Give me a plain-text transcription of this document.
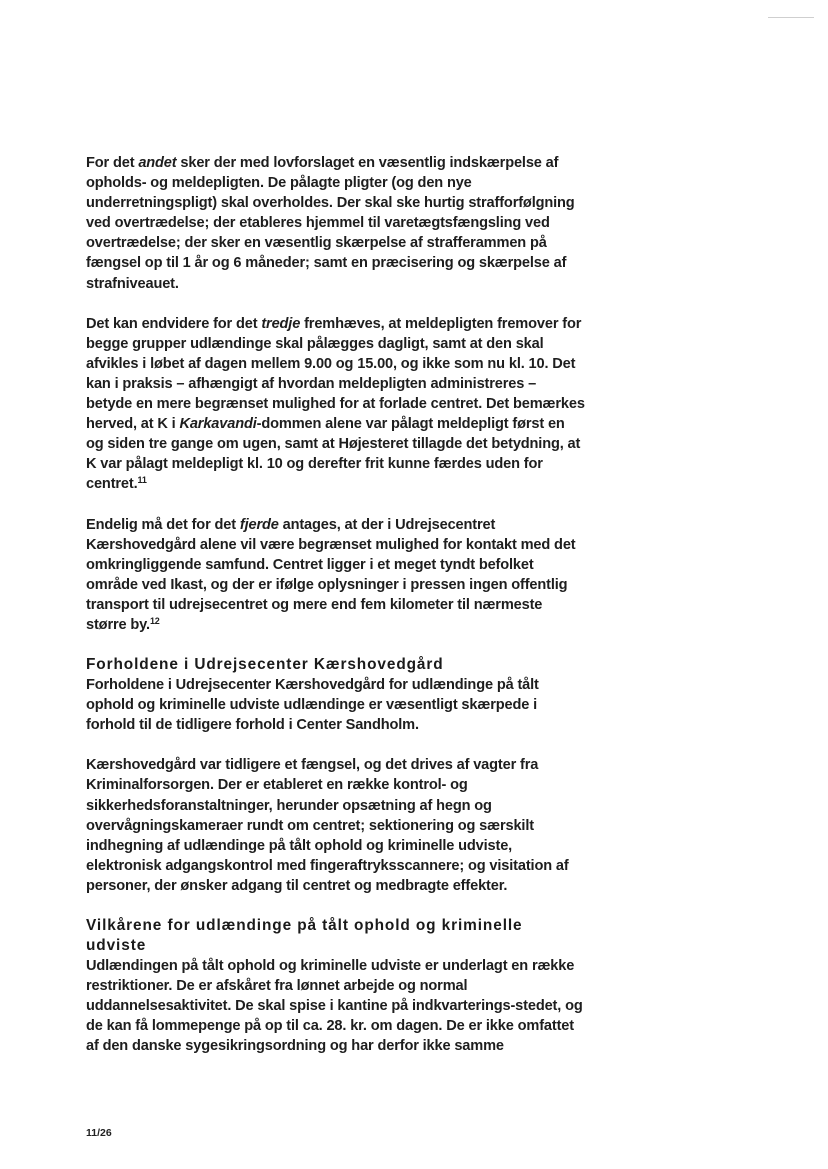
For det andet sker der med lovforslaget en væsentlig indskærpelse af opholds- og meldepligten. De pålagte pligter (og den nye underretningspligt) skal overholdes. Der skal ske hurtig strafforfølgning ved overtrædelse; der etableres hjemmel til varetægtsfængsling ved overtrædelse; der sker en væsentlig skærpelse af strafferammen på fængsel op til 1 år og 6 måneder; samt en præcisering og skærpelse af strafniveauet.

Det kan endvidere for det tredje fremhæves, at meldepligten fremover for begge grupper udlændinge skal pålægges dagligt, samt at den skal afvikles i løbet af dagen mellem 9.00 og 15.00, og ikke som nu kl. 10. Det kan i praksis – afhængigt af hvordan meldepligten administreres – betyde en mere begrænset mulighed for at forlade centret. Det bemærkes herved, at K i Karkavandi-dommen alene var pålagt meldepligt først en og siden tre gange om ugen, samt at Højesteret tillagde det betydning, at K var pålagt meldepligt kl. 10 og derefter frit kunne færdes uden for centret.$^{11}$

Endelig må det for det fjerde antages, at der i Udrejsecentret Kærshovedgård alene vil være begrænset mulighed for kontakt med det omkringliggende samfund. Centret ligger i et meget tyndt befolket område ved Ikast, og der er ifølge oplysninger i pressen ingen offentlig transport til udrejsecentret og mere end fem kilometer til nærmeste større by.$^{12}$

Forholdene i Udrejsecenter Kærshovedgård

Forholdene i Udrejsecenter Kærshovedgård for udlændinge på tålt ophold og kriminelle udviste udlændinge er væsentligt skærpede i forhold til de tidligere forhold i Center Sandholm.

Kærshovedgård var tidligere et fængsel, og det drives af vagter fra Kriminalforsorgen. Der er etableret en række kontrol- og sikkerhedsforanstaltninger, herunder opsætning af hegn og overvågningskameraer rundt om centret; sektionering og særskilt indhegning af udlændinge på tålt ophold og kriminelle udviste, elektronisk adgangskontrol med fingeraftryksscannere; og visitation af personer, der ønsker adgang til centret og medbragte effekter.

Vilkårene for udlændinge på tålt ophold og kriminelle udviste

Udlændingen på tålt ophold og kriminelle udviste er underlagt en række restriktioner. De er afskåret fra lønnet arbejde og normal uddannelsesaktivitet. De skal spise i kantine på indkvarterings-stedet, og de kan få lommepenge på op til ca. 28. kr. om dagen. De er ikke omfattet af den danske sygesikringsordning og har derfor ikke samme

11/26
